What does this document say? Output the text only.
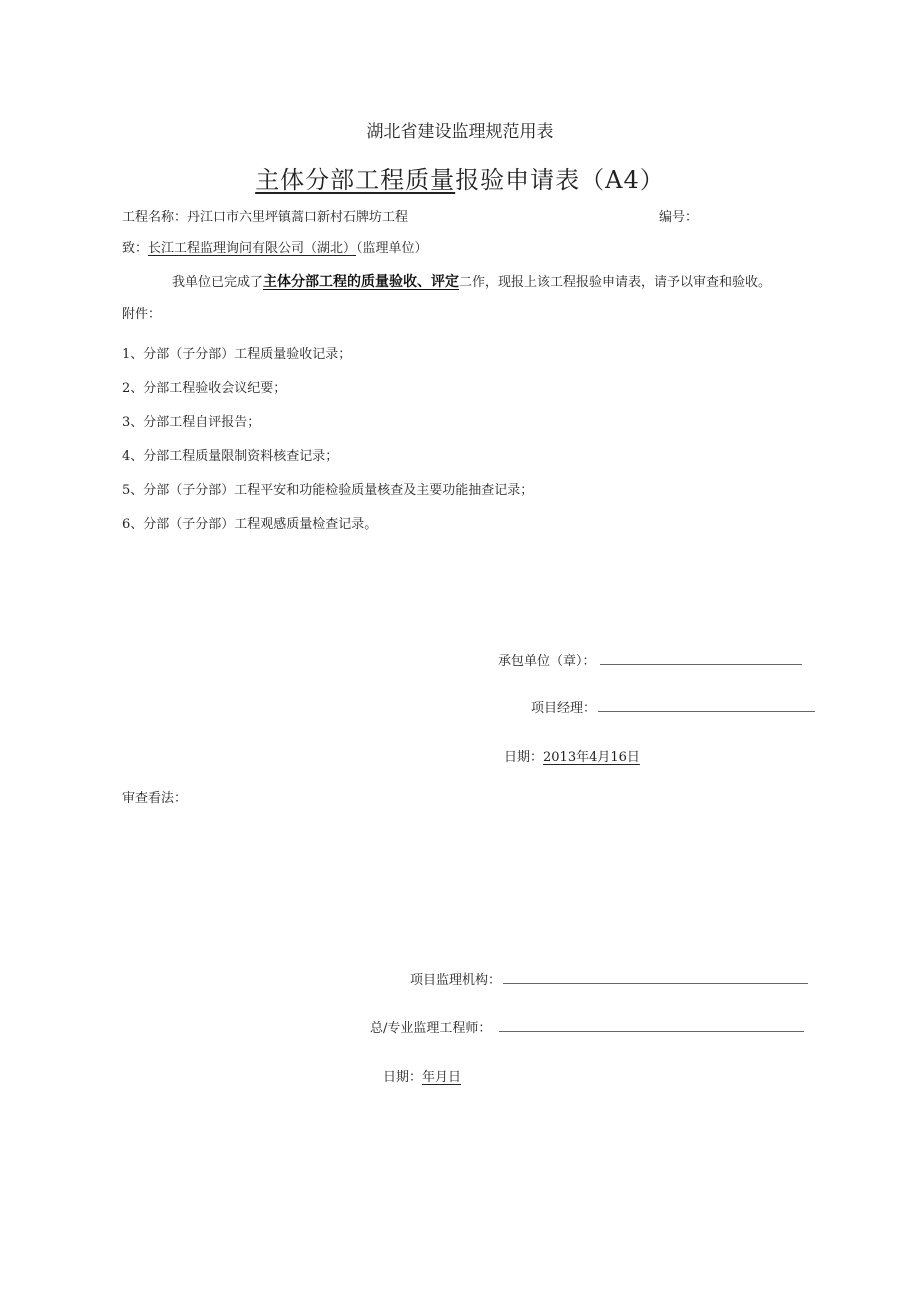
湖北省建设监理规范用表
主体分部工程质量报验申请表（A4）
工程名称：丹江口市六里坪镇蒿口新村石牌坊工程	编号：
致：长江工程监理询问有限公司（湖北）（监理单位）
我单位已完成了主体分部工程的质量验收、评定二作，现报上该工程报验申请表，请予以审查和验收。
附件：
1、分部（子分部）工程质量验收记录；
2、分部工程验收会议纪要；
3、分部工程自评报告；
4、分部工程质量限制资料核查记录；
5、分部（子分部）工程平安和功能检验质量核查及主要功能抽查记录；
6、分部（子分部）工程观感质量检查记录。
承包单位（章）：
项目经理：
日期：2013年4月16日
审查看法：
项目监理机构：
总/专业监理工程师：
日期：年月日
